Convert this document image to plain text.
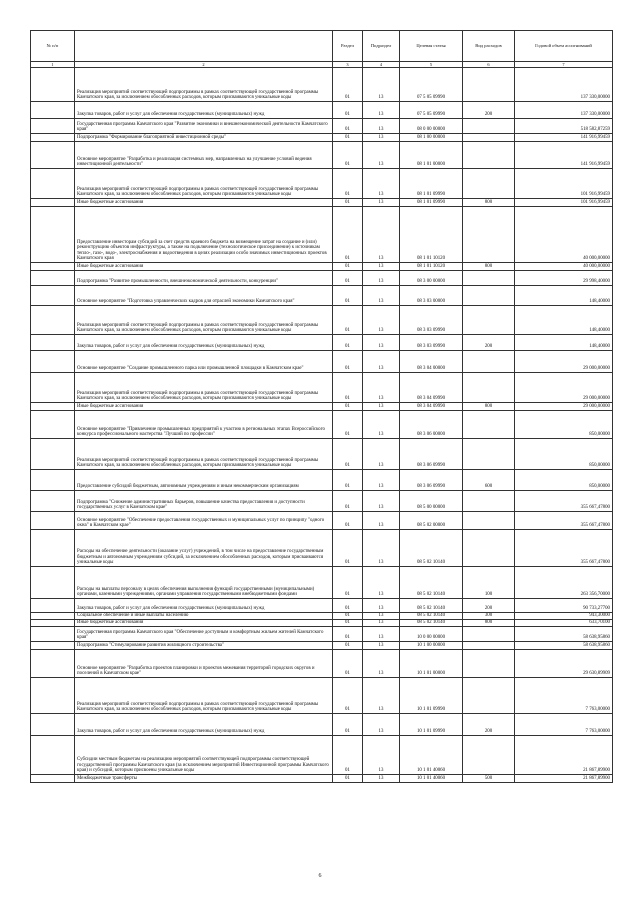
№ п/п		Раздел	Подраздел	Целевая статья	Вид расходов	Годовой объем ассигнований
1	2	3	4	5	6	7
	Реализация мероприятий соответствующей подпрограммы в рамках соответствующей государственной программы Камчатского края, за исключением обособленных расходов, которым присваиваются уникальные коды	01	13	07 5 05 09990		137 330,00000
	Закупка товаров, работ и услуг для обеспечения государственных (муниципальных) нужд	01	13	07 5 05 09990	200	137 330,00000
	Государственная программа Камчатского края "Развитие экономики и внешнеэкономической деятельности Камчатского края"	01	13	08 0 00 00000		518 582,87259
	Подпрограмма "Формирование благоприятной инвестиционной среды"	01	13	08 1 00 00000		141 916,99459
	Основное мероприятие "Разработка и реализация системных мер, направленных на улучшение условий ведения инвестиционной деятельности"	01	13	08 1 01 00000		141 916,99459
	Реализация мероприятий соответствующей подпрограммы в рамках соответствующей государственной программы Камчатского края, за исключением обособленных расходов, которым присваиваются уникальные коды	01	13	08 1 01 09990		101 916,99459
	Иные бюджетные ассигнования	01	13	08 1 01 09990	800	101 916,99459
	Предоставление инвесторам субсидий за счет средств краевого бюджета на возмещение затрат на создание и (или) реконструкцию объектов инфраструктуры, а также на подключение (технологическое присоединение) к источникам тепло-, газо-, водо-, электроснабжения и водоотведения в целях реализации особо значимых инвестиционных проектов Камчатского края	01	13	08 1 01 10120		40 000,00000
	Иные бюджетные ассигнования	01	13	08 1 01 10120	800	40 000,00000
	Подпрограмма "Развитие промышленности, внешнеэкономической деятельности, конкуренции"	01	13	08 3 00 00000		29 998,40000
	Основное мероприятие "Подготовка управленческих кадров для отраслей экономики Камчатского края"	01	13	08 3 03 00000		148,40000
	Реализация мероприятий соответствующей подпрограммы в рамках соответствующей государственной программы Камчатского края, за исключением обособленных расходов, которым присваиваются уникальные коды	01	13	08 3 03 09990		148,40000
	Закупка товаров, работ и услуг для обеспечения государственных (муниципальных) нужд	01	13	08 3 03 09990	200	148,40000
	Основное мероприятие "Создание промышленного парка или промышленной площадки в Камчатском крае"	01	13	08 3 04 00000		29 000,00000
	Реализация мероприятий соответствующей подпрограммы в рамках соответствующей государственной программы Камчатского края, за исключением обособленных расходов, которым присваиваются уникальные коды	01	13	08 3 04 09990		29 000,00000
	Иные бюджетные ассигнования	01	13	08 3 04 09990	800	29 000,00000
	Основное мероприятие "Привлечение промышленных предприятий к участию в региональных этапах Всероссийского конкурса профессионального мастерства "Лучший по профессии"	01	13	08 3 06 00000		850,00000
	Реализация мероприятий соответствующей подпрограммы в рамках соответствующей государственной программы Камчатского края, за исключением обособленных расходов, которым присваиваются уникальные коды	01	13	08 3 06 09990		850,00000
	Предоставление субсидий бюджетным, автономным учреждениям и иным некоммерческим организациям	01	13	08 3 06 09990	600	850,00000
	Подпрограмма "Снижение административных барьеров, повышение качества предоставления и доступности государственных услуг в Камчатском крае"	01	13	08 5 00 00000		355 667,47800
	Основное мероприятие "Обеспечение предоставления государственных и муниципальных услуг по принципу "одного окна" в Камчатском крае"	01	13	08 5 02 00000		355 667,47800
	Расходы на обеспечение деятельности (оказание услуг) учреждений, в том числе на предоставление государственным бюджетным и автономным учреждениям субсидий, за исключением обособленных расходов, которым присваиваются уникальные коды	01	13	08 5 02 10140		355 667,47800
	Расходы на выплаты персоналу в целях обеспечения выполнения функций государственными (муниципальными) органами, казенными учреждениями, органами управления государственными внебюджетными фондами	01	13	08 5 02 10140	100	263 356,70000
	Закупка товаров, работ и услуг для обеспечения государственных (муниципальных) нужд	01	13	08 5 02 10140	200	90 733,27700
	Социальное обеспечение и иные выплаты населению	01	13	08 5 02 10140	300	943,30000
	Иные бюджетные ассигнования	01	13	08 5 02 10140	800	633,70100
	Государственная программа Камчатского края "Обеспечение доступным и комфортным жильем жителей Камчатского края"	01	13	10 0 00 00000		58 638,95860
	Подпрограмма "Стимулирование развития жилищного строительства"	01	13	10 1 00 00000		58 638,95860
	Основное мероприятие "Разработка проектов планировки и проектов межевания территорий городских округов и поселений в Камчатском крае"	01	13	10 1 01 00000		29 630,89909
	Реализация мероприятий соответствующей подпрограммы в рамках соответствующей государственной программы Камчатского края, за исключением обособленных расходов, которым присваиваются уникальные коды	01	13	10 1 01 09990		7 763,00000
	Закупка товаров, работ и услуг для обеспечения государственных (муниципальных) нужд	01	13	10 1 01 09990	200	7 763,00000
	Субсидии местным бюджетам на реализацию мероприятий соответствующей подпрограммы соответствующей государственной программы Камчатского края (за исключением мероприятий Инвестиционной программы Камчатского края) и субсидий, которым присвоены уникальные коды	01	13	10 1 01 40060		21 867,89900
	Межбюджетные трансферты	01	13	10 1 01 40060	500	21 867,89900
6
